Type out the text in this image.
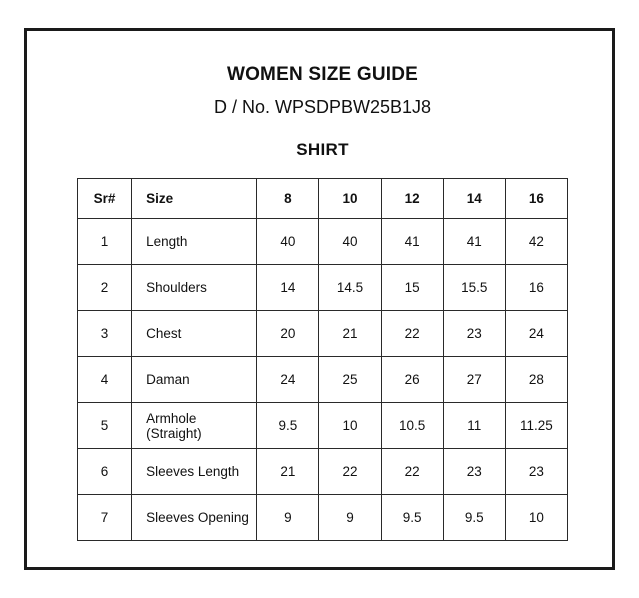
WOMEN SIZE GUIDE
D / No. WPSDPBW25B1J8
SHIRT
Sr#	Size	8	10	12	14	16
1	Length	40	40	41	41	42
2	Shoulders	14	14.5	15	15.5	16
3	Chest	20	21	22	23	24
4	Daman	24	25	26	27	28
5	Armhole (Straight)	9.5	10	10.5	11	11.25
6	Sleeves Length	21	22	22	23	23
7	Sleeves Opening	9	9	9.5	9.5	10
